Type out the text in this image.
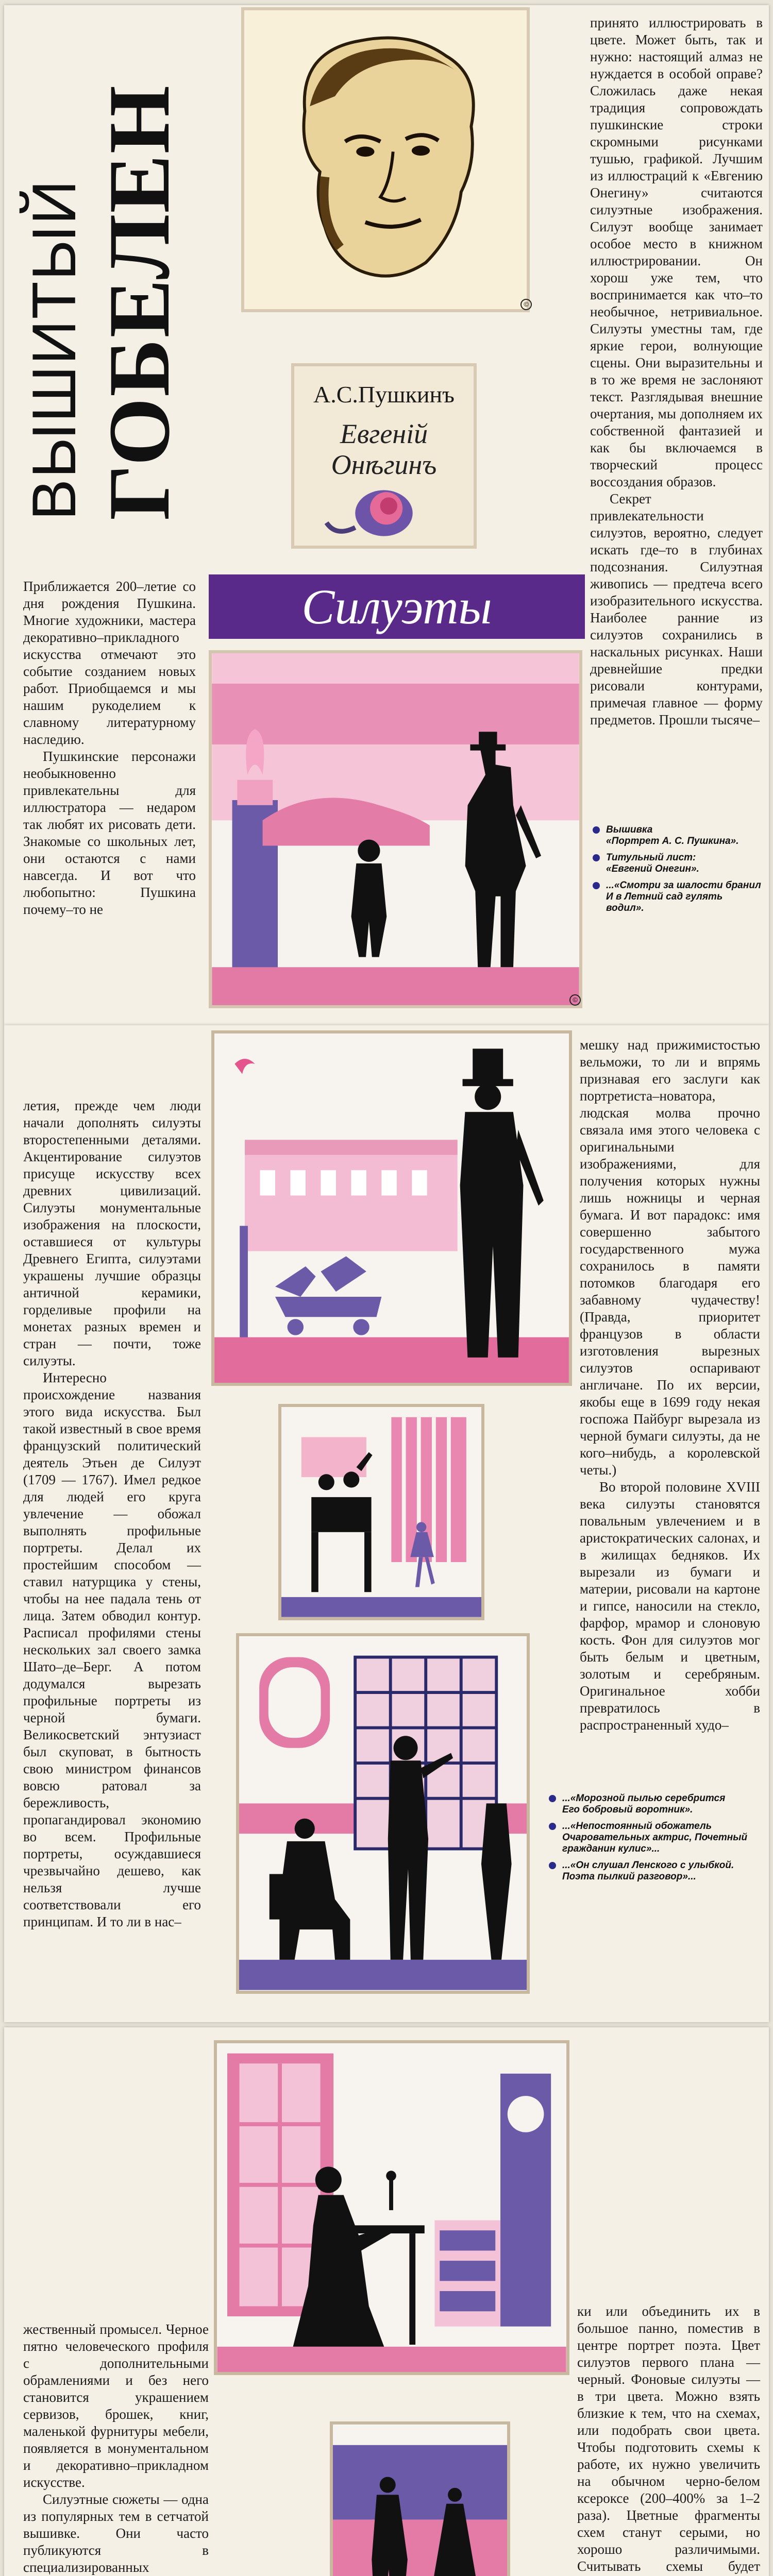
ВЫШИТЫЙ ГОБЕЛЕН	©
А.С.Пушкинъ
Евгенiй
Онѣгинъ
Силуэты

Приближается 200–летие со дня рождения Пушкина. Многие художники, мастера декоративно–прикладного искусства отмечают это событие созданием новых работ. Приобщаемся и мы нашим рукоделием к славному литературному наследию.

Пушкинские персонажи необыкновенно привлекательны для иллюстратора — недаром так любят их рисовать дети. Знакомые со школьных лет, они остаются с нами навсегда. И вот что любопытно: Пушкина почему–то не

принято иллюстрировать в цвете. Может быть, так и нужно: настоящий алмаз не нуждается в особой оправе? Сложилась даже некая традиция сопровождать пушкинские строки скромными рисунками тушью, графикой. Лучшим из иллюстраций к «Евгению Онегину» считаются силуэтные изображения. Силуэт вообще занимает особое место в книжном иллюстрировании. Он хорош уже тем, что воспринимается как что–то необычное, нетривиальное. Силуэты уместны там, где яркие герои, волнующие сцены. Они выразительны и в то же время не заслоняют текст. Разглядывая внешние очертания, мы дополняем их собственной фантазией и как бы включаемся в творческий процесс воссоздания образов.

Секрет привлекательности силуэтов, вероятно, следует искать где–то в глубинах подсознания. Силуэтная живопись — предтеча всего изобразительного искусства. Наиболее ранние из силуэтов сохранились в наскальных рисунках. Наши древнейшие предки рисовали контурами, примечая главное — форму предметов. Прошли тысяче–

©
Вышивка
«Портрет А. С. Пушкина».
Титульный лист:
«Евгений Онегин».
...«Смотри за шалости бранил
И в Летний сад гулять водил».

летия, прежде чем люди начали дополнять силуэты второстепенными деталями. Акцентирование силуэтов присуще искусству всех древних цивилизаций. Силуэты монументальные изображения на плоскости, оставшиеся от культуры Древнего Египта, силуэтами украшены лучшие образцы античной керамики, горделивые профили на монетах разных времен и стран — почти, тоже силуэты.

Интересно происхождение названия этого вида искусства. Был такой известный в свое время французский политический деятель Этьен де Силуэт (1709 — 1767). Имел редкое для людей его круга увлечение — обожал выполнять профильные портреты. Делал их простейшим способом — ставил натурщика у стены, чтобы на нее падала тень от лица. Затем обводил контур. Расписал профилями стены нескольких зал своего замка Шато–де–Берг. А потом додумался вырезать профильные портреты из черной бумаги. Великосветский энтузиаст был скуповат, в бытность свою министром финансов вовсю ратовал за бережливость, пропагандировал экономию во всем. Профильные портреты, осуждавшиеся чрезвычайно дешево, как нельзя лучше соответствовали его принципам. И то ли в нас–

мешку над прижимистостью вельможи, то ли и впрямь признавая его заслуги как портретиста–новатора, людская молва прочно связала имя этого человека с оригинальными изображениями, для получения которых нужны лишь ножницы и черная бумага. И вот парадокс: имя совершенно забытого государственного мужа сохранилось в памяти потомков благодаря его забавному чудачеству! (Правда, приоритет французов в области изготовления вырезных силуэтов оспаривают англичане. По их версии, якобы еще в 1699 году некая госпожа Пайбург вырезала из черной бумаги силуэты, да не кого–нибудь, а королевской четы.)

Во второй половине XVIII века силуэты становятся повальным увлечением и в аристократических салонах, и в жилищах бедняков. Их вырезали из бумаги и материи, рисовали на картоне и гипсе, наносили на стекло, фарфор, мрамор и слоновую кость. Фон для силуэтов мог быть белым и цветным, золотым и серебряным. Оригинальное хобби превратилось в распространенный худо–

...«Морозной пылью серебрится
Его бобровый воротник».
...«Непостоянный обожатель
Очаровательных актрис, Почетный гражданин кулис»...
...«Он слушал Ленского с улыбкой.
Поэта пылкий разговор»...

жественный промысел. Черное пятно человеческого профиля с дополнительными обрамлениями и без него становится украшением сервизов, брошек, книг, маленькой фурнитуры мебели, появляется в монументальном и декоративно–прикладном искусстве.

Силуэтные сюжеты — одна из популярных тем в сетчатой вышивке. Они часто публикуются в специализированных

ки или объединить их в большое панно, поместив в центре портрет поэта. Цвет силуэтов первого плана — черный. Фоновые силуэты — в три цвета. Можно взять близкие к тем, что на схемах, или подобрать свои цвета. Чтобы подготовить схемы к работе, их нужно увеличить на обычном черно-белом ксероксе (200–400% за 1–2 раза). Цветные фрагменты схем станут серыми, но хорошо различимыми. Считывать схемы будет
